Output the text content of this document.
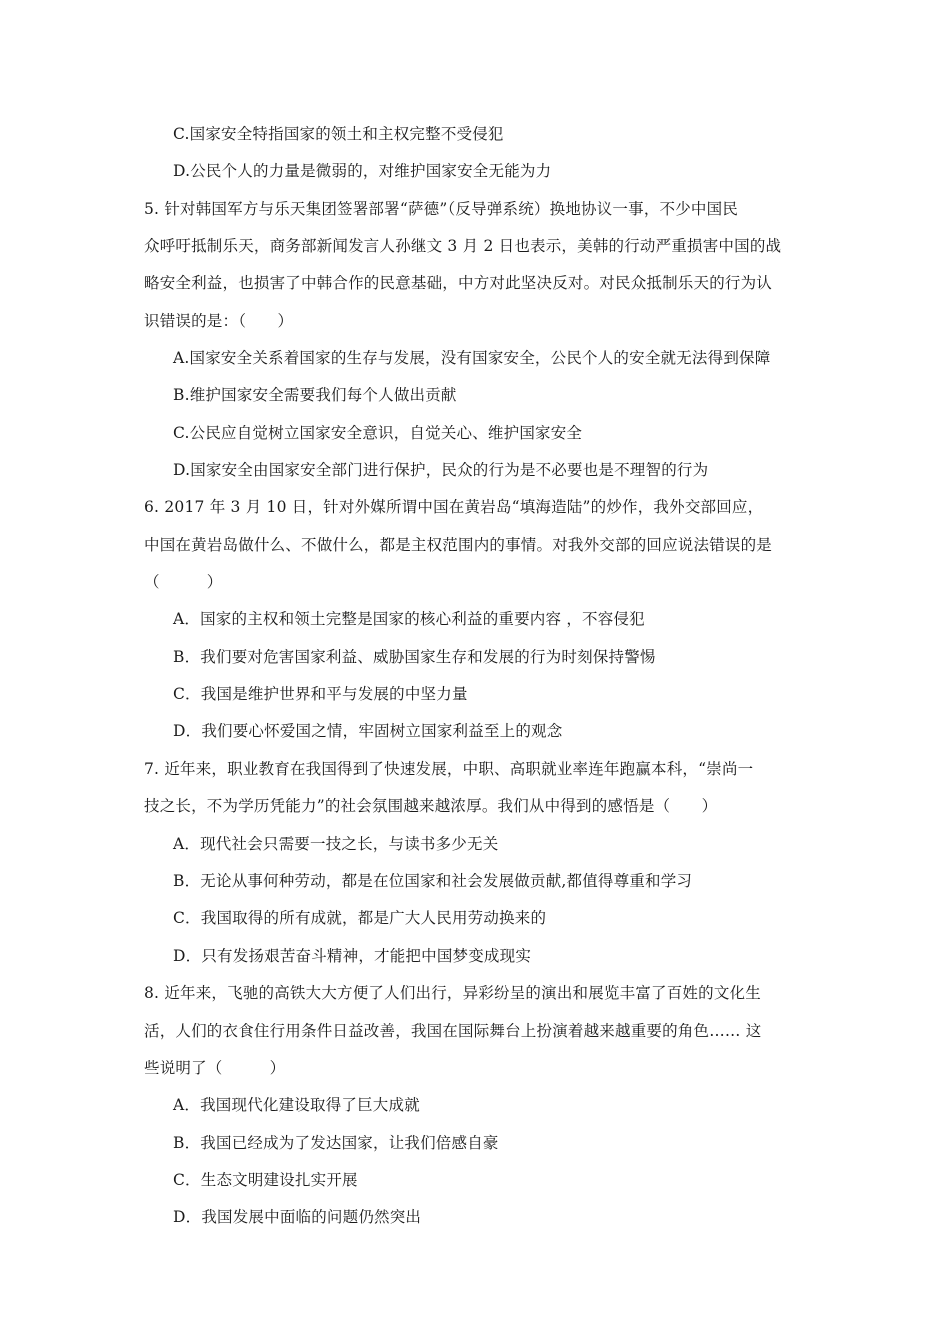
C.国家安全特指国家的领土和主权完整不受侵犯
D.公民个人的力量是微弱的，对维护国家安全无能为力
5. 针对韩国军方与乐天集团签署部署“萨德”（反导弹系统）换地协议一事，不少中国民
众呼吁抵制乐天，商务部新闻发言人孙继文 3 月 2 日也表示，美韩的行动严重损害中国的战
略安全利益，也损害了中韩合作的民意基础，中方对此坚决反对。对民众抵制乐天的行为认
识错误的是：（　　）
A.国家安全关系着国家的生存与发展，没有国家安全，公民个人的安全就无法得到保障
B.维护国家安全需要我们每个人做出贡献
C.公民应自觉树立国家安全意识，自觉关心、维护国家安全
D.国家安全由国家安全部门进行保护，民众的行为是不必要也是不理智的行为
6. 2017 年 3 月 10 日，针对外媒所谓中国在黄岩岛“填海造陆”的炒作，我外交部回应，
中国在黄岩岛做什么、不做什么，都是主权范围内的事情。对我外交部的回应说法错误的是
（　　　）
A．国家的主权和领土完整是国家的核心利益的重要内容 ，不容侵犯
B．我们要对危害国家利益、威胁国家生存和发展的行为时刻保持警惕
C．我国是维护世界和平与发展的中坚力量
D．我们要心怀爱国之情，牢固树立国家利益至上的观念
7. 近年来，职业教育在我国得到了快速发展，中职、高职就业率连年跑赢本科，“崇尚一
技之长，不为学历凭能力”的社会氛围越来越浓厚。我们从中得到的感悟是（　　）
A．现代社会只需要一技之长，与读书多少无关
B．无论从事何种劳动，都是在位国家和社会发展做贡献,都值得尊重和学习
C．我国取得的所有成就，都是广大人民用劳动换来的
D．只有发扬艰苦奋斗精神，才能把中国梦变成现实
8. 近年来，飞驰的高铁大大方便了人们出行，异彩纷呈的演出和展览丰富了百姓的文化生
活，人们的衣食住行用条件日益改善，我国在国际舞台上扮演着越来越重要的角色…… 这
些说明了（　　　）
A．我国现代化建设取得了巨大成就
B．我国已经成为了发达国家，让我们倍感自豪
C．生态文明建设扎实开展
D．我国发展中面临的问题仍然突出
